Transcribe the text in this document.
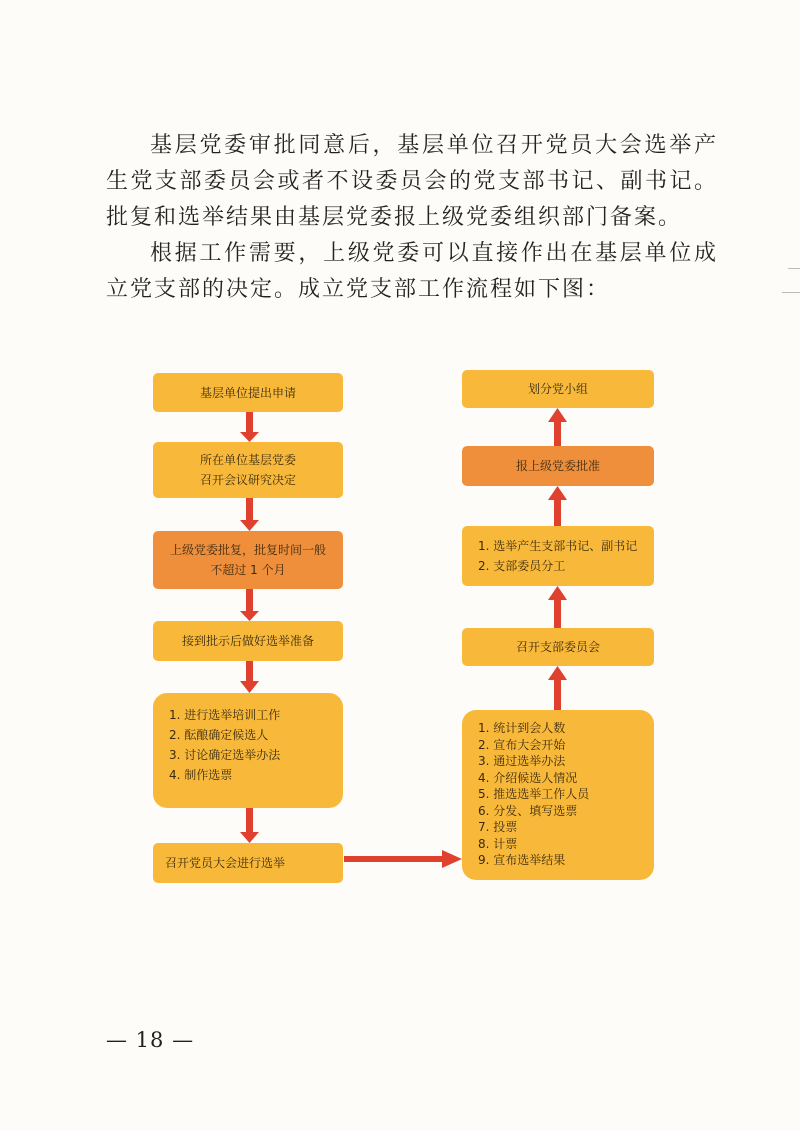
基层党委审批同意后，基层单位召开党员大会选举产生党支部委员会或者不设委员会的党支部书记、副书记。批复和选举结果由基层党委报上级党委组织部门备案。

根据工作需要，上级党委可以直接作出在基层单位成立党支部的决定。成立党支部工作流程如下图：

基层单位提出申请
所在单位基层党委
召开会议研究决定
上级党委批复，批复时间一般
不超过 1 个月
接到批示后做好选举准备
1. 进行选举培训工作
2. 酝酿确定候选人
3. 讨论确定选举办法
4. 制作选票
召开党员大会进行选举
1. 统计到会人数
2. 宣布大会开始
3. 通过选举办法
4. 介绍候选人情况
5. 推选选举工作人员
6. 分发、填写选票
7. 投票
8. 计票
9. 宣布选举结果
召开支部委员会
1. 选举产生支部书记、副书记
2. 支部委员分工
报上级党委批准
划分党小组
— 18 —
